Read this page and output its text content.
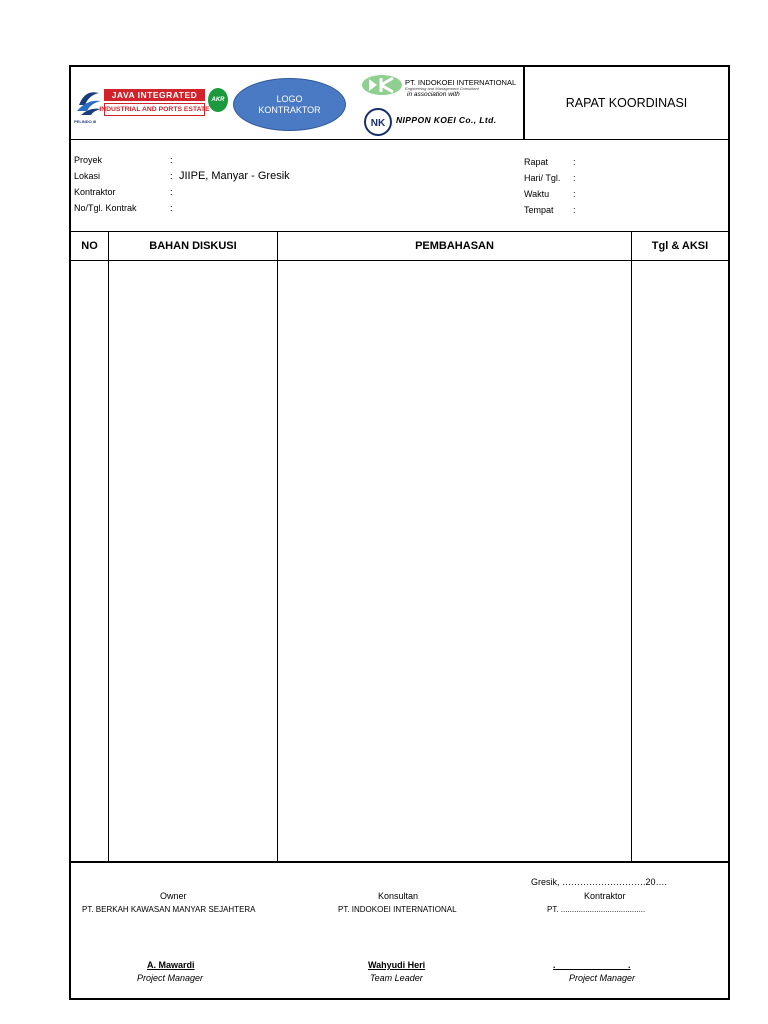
PELINDO III
JAVA INTEGRATED
INDUSTRIAL AND PORTS ESTATE
AKR	LOGO
KONTRAKTOR
PT. INDOKOEI INTERNATIONAL
Engineering and Management Consultant
in association with
NK NIPPON KOEI Co., Ltd.
RAPAT KOORDINASI
Proyek	:
Lokasi	: JIIPE, Manyar - Gresik
Kontraktor	:
No/Tgl. Kontrak	:
Rapat	:
Hari/ Tgl. :
Waktu	:
Tempat :
NO	BAHAN DISKUSI	PEMBAHASAN	Tgl & AKSI
Gresik, ……………………….20….
Owner
PT. BERKAH KAWASAN MANYAR SEJAHTERA
A. Mawardi
Project Manager
Konsultan
PT. INDOKOEI INTERNATIONAL
Wahyudi Heri
Team Leader
Kontraktor
PT. ......................................
.                             .
Project Manager
